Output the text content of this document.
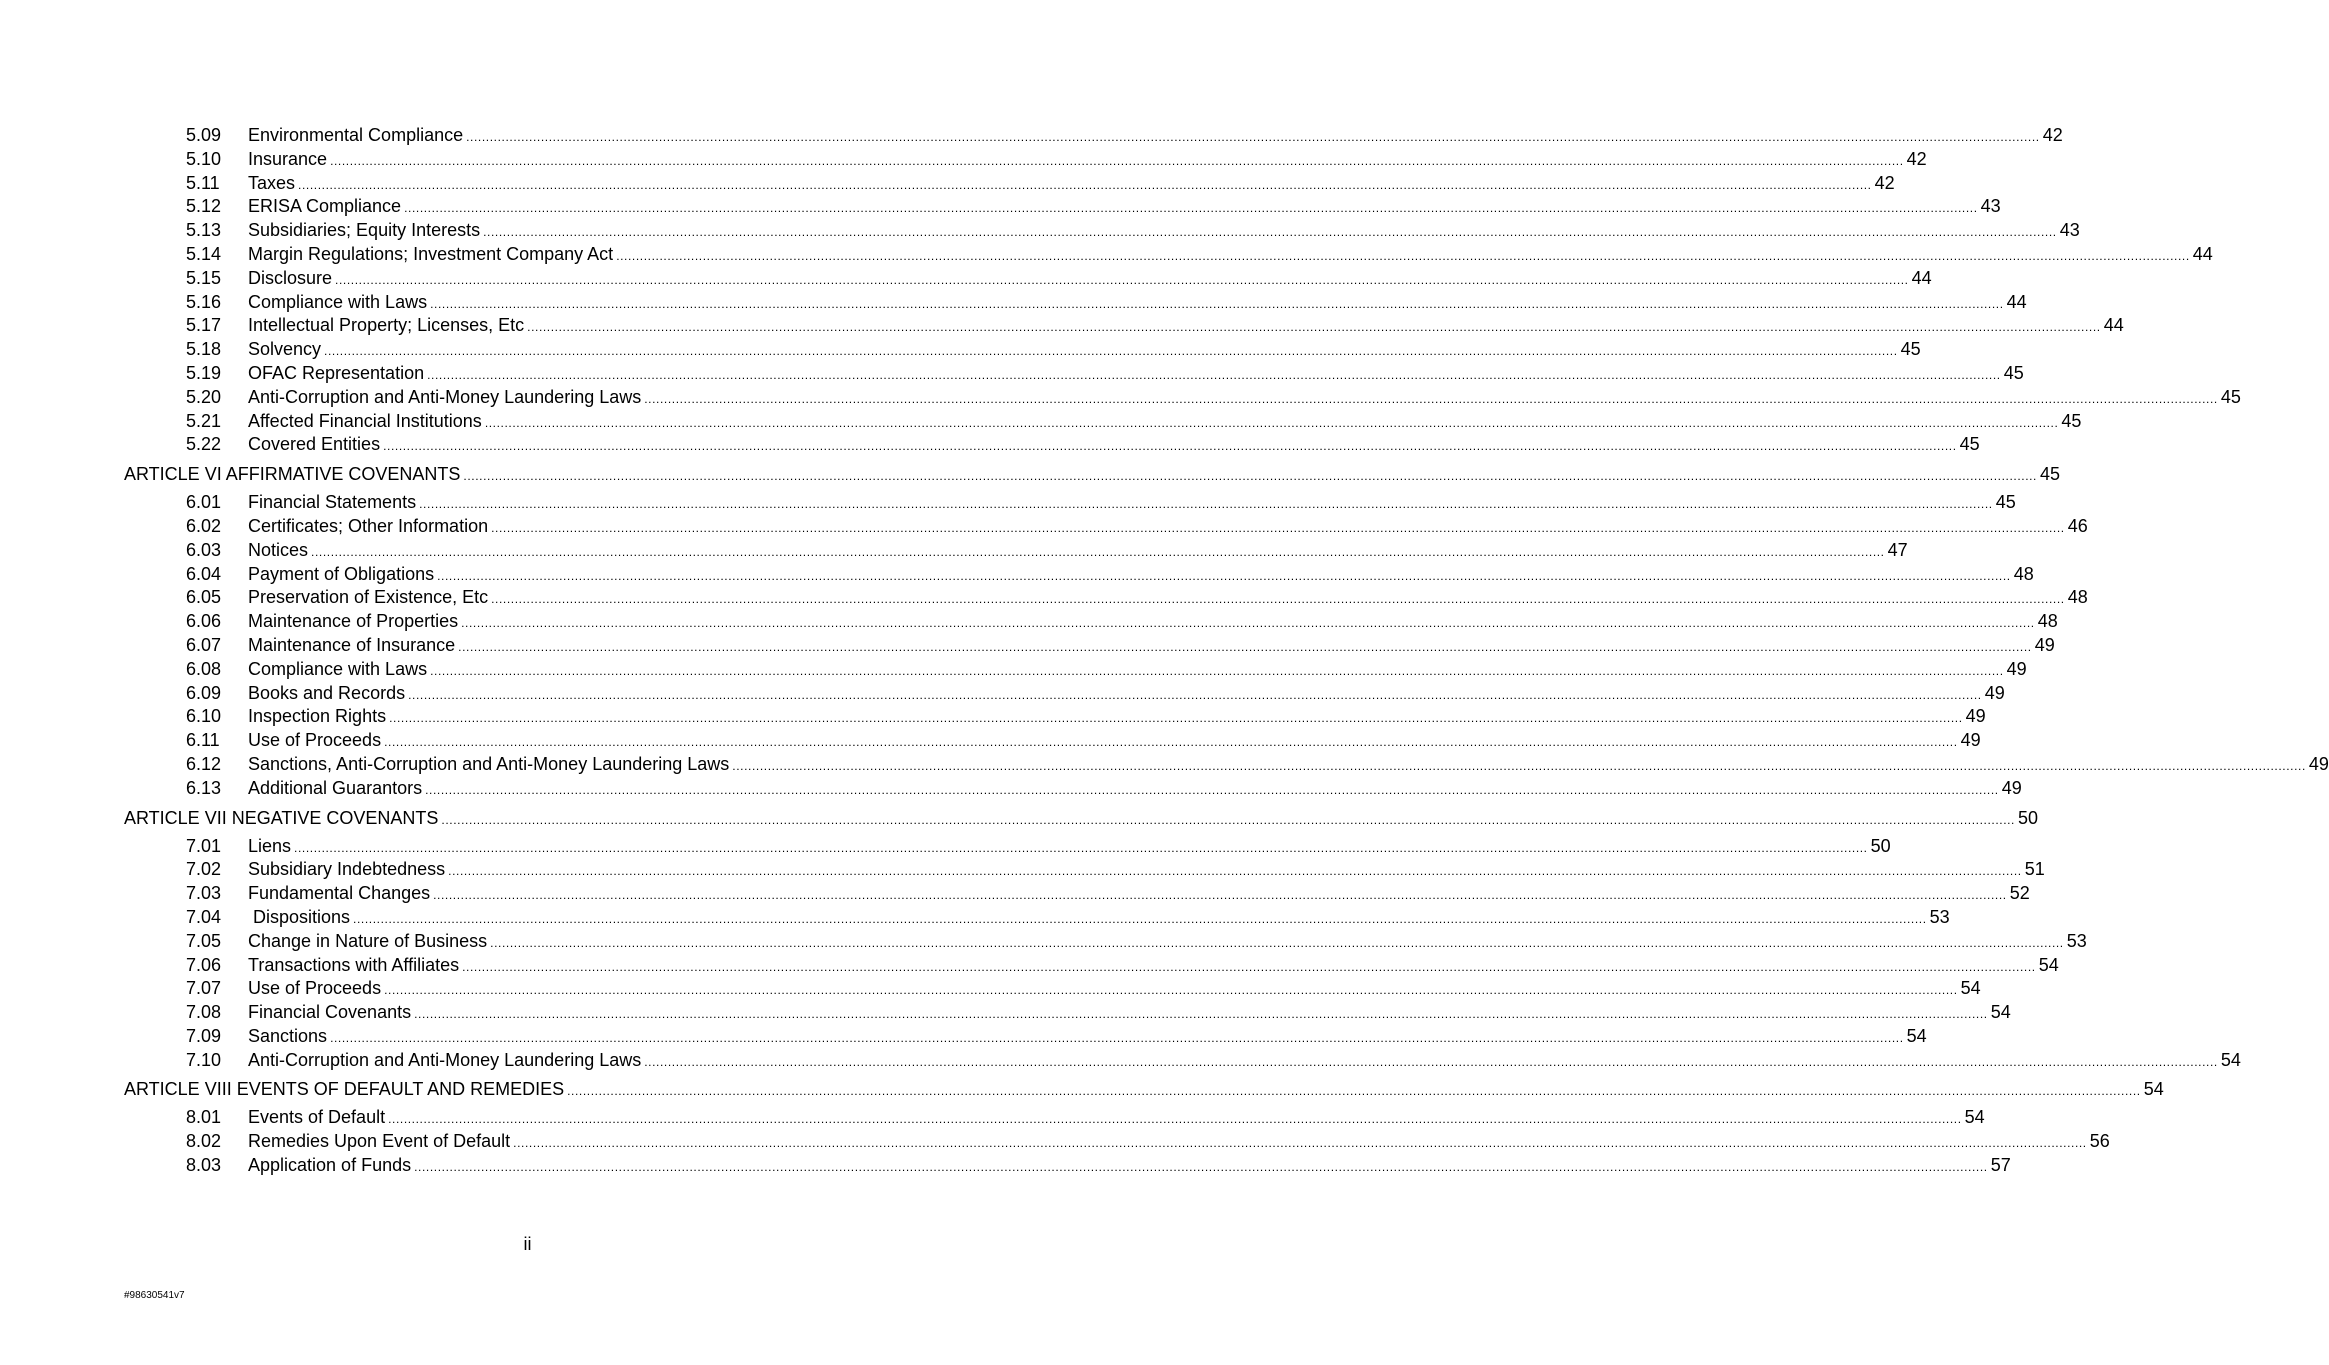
5.09 Environmental Compliance ................................................................................................................................................................................................................................................................................................................................................................................................................ 42
5.10 Insurance ................................................................................................................................................................................................................................................................................................................................................................................................................ 42
5.11 Taxes ................................................................................................................................................................................................................................................................................................................................................................................................................ 42
5.12 ERISA Compliance ................................................................................................................................................................................................................................................................................................................................................................................................................ 43
5.13 Subsidiaries; Equity Interests ................................................................................................................................................................................................................................................................................................................................................................................................................ 43
5.14 Margin Regulations; Investment Company Act ................................................................................................................................................................................................................................................................................................................................................................................................................ 44
5.15 Disclosure ................................................................................................................................................................................................................................................................................................................................................................................................................ 44
5.16 Compliance with Laws ................................................................................................................................................................................................................................................................................................................................................................................................................ 44
5.17 Intellectual Property; Licenses, Etc ................................................................................................................................................................................................................................................................................................................................................................................................................ 44
5.18 Solvency ................................................................................................................................................................................................................................................................................................................................................................................................................ 45
5.19 OFAC Representation ................................................................................................................................................................................................................................................................................................................................................................................................................ 45
5.20 Anti-Corruption and Anti-Money Laundering Laws ................................................................................................................................................................................................................................................................................................................................................................................................................ 45
5.21 Affected Financial Institutions ................................................................................................................................................................................................................................................................................................................................................................................................................ 45
5.22 Covered Entities ................................................................................................................................................................................................................................................................................................................................................................................................................ 45
ARTICLE VI AFFIRMATIVE COVENANTS ................................................................................................................................................................................................................................................................................................................................................................................................................ 45
6.01 Financial Statements ................................................................................................................................................................................................................................................................................................................................................................................................................ 45
6.02 Certificates; Other Information ................................................................................................................................................................................................................................................................................................................................................................................................................ 46
6.03 Notices ................................................................................................................................................................................................................................................................................................................................................................................................................ 47
6.04 Payment of Obligations ................................................................................................................................................................................................................................................................................................................................................................................................................ 48
6.05 Preservation of Existence, Etc ................................................................................................................................................................................................................................................................................................................................................................................................................ 48
6.06 Maintenance of Properties ................................................................................................................................................................................................................................................................................................................................................................................................................ 48
6.07 Maintenance of Insurance ................................................................................................................................................................................................................................................................................................................................................................................................................ 49
6.08 Compliance with Laws ................................................................................................................................................................................................................................................................................................................................................................................................................ 49
6.09 Books and Records ................................................................................................................................................................................................................................................................................................................................................................................................................ 49
6.10 Inspection Rights ................................................................................................................................................................................................................................................................................................................................................................................................................ 49
6.11 Use of Proceeds ................................................................................................................................................................................................................................................................................................................................................................................................................ 49
6.12 Sanctions, Anti-Corruption and Anti-Money Laundering Laws ................................................................................................................................................................................................................................................................................................................................................................................................................ 49
6.13 Additional Guarantors ................................................................................................................................................................................................................................................................................................................................................................................................................ 49
ARTICLE VII NEGATIVE COVENANTS ................................................................................................................................................................................................................................................................................................................................................................................................................ 50
7.01 Liens ................................................................................................................................................................................................................................................................................................................................................................................................................ 50
7.02 Subsidiary Indebtedness ................................................................................................................................................................................................................................................................................................................................................................................................................ 51
7.03 Fundamental Changes ................................................................................................................................................................................................................................................................................................................................................................................................................ 52
7.04 Dispositions ................................................................................................................................................................................................................................................................................................................................................................................................................ 53
7.05 Change in Nature of Business ................................................................................................................................................................................................................................................................................................................................................................................................................ 53
7.06 Transactions with Affiliates ................................................................................................................................................................................................................................................................................................................................................................................................................ 54
7.07 Use of Proceeds ................................................................................................................................................................................................................................................................................................................................................................................................................ 54
7.08 Financial Covenants ................................................................................................................................................................................................................................................................................................................................................................................................................ 54
7.09 Sanctions ................................................................................................................................................................................................................................................................................................................................................................................................................ 54
7.10 Anti-Corruption and Anti-Money Laundering Laws ................................................................................................................................................................................................................................................................................................................................................................................................................ 54
ARTICLE VIII EVENTS OF DEFAULT AND REMEDIES ................................................................................................................................................................................................................................................................................................................................................................................................................ 54
8.01 Events of Default ................................................................................................................................................................................................................................................................................................................................................................................................................ 54
8.02 Remedies Upon Event of Default ................................................................................................................................................................................................................................................................................................................................................................................................................ 56
8.03 Application of Funds ................................................................................................................................................................................................................................................................................................................................................................................................................ 57
ii
#98630541v7
